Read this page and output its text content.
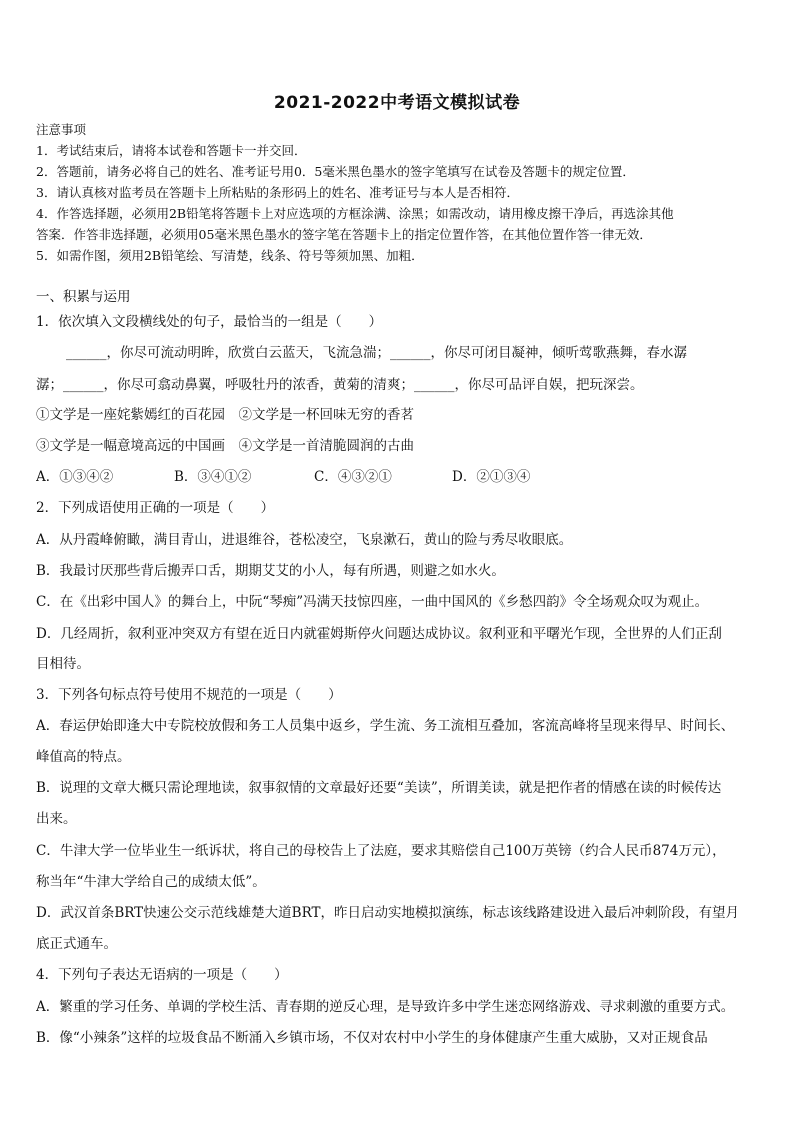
2021-2022中考语文模拟试卷
注意事项
1．考试结束后，请将本试卷和答题卡一并交回．
2．答题前，请务必将自己的姓名、准考证号用0．5毫米黑色墨水的签字笔填写在试卷及答题卡的规定位置．
3．请认真核对监考员在答题卡上所粘贴的条形码上的姓名、准考证号与本人是否相符．
4．作答选择题，必须用2B铅笔将答题卡上对应选项的方框涂满、涂黑；如需改动，请用橡皮擦干净后，再选涂其他
答案．作答非选择题，必须用05毫米黑色墨水的签字笔在答题卡上的指定位置作答，在其他位置作答一律无效．
5．如需作图，须用2B铅笔绘、写清楚，线条、符号等须加黑、加粗．
一、积累与运用
1．依次填入文段横线处的句子，最恰当的一组是（　　）
______，你尽可流动明眸，欣赏白云蓝天，飞流急湍；______，你尽可闭目凝神，倾听莺歌燕舞，春水潺
潺；______，你尽可翕动鼻翼，呼吸牡丹的浓香，黄菊的清爽；______，你尽可品评自娱，把玩深尝。
①文学是一座姹紫嫣红的百花园　②文学是一杯回味无穷的香茗
③文学是一幅意境高远的中国画　④文学是一首清脆圆润的古曲
A．①③④②	B．③④①②	C．④③②①	D．②①③④
2．下列成语使用正确的一项是（　　）
A．从丹霞峰俯瞰，满目青山，进退维谷，苍松凌空，飞泉漱石，黄山的险与秀尽收眼底。
B．我最讨厌那些背后搬弄口舌，期期艾艾的小人，每有所遇，则避之如水火。
C．在《出彩中国人》的舞台上，中阮“琴痴”冯满天技惊四座，一曲中国风的《乡愁四韵》令全场观众叹为观止。
D．几经周折，叙利亚冲突双方有望在近日内就霍姆斯停火问题达成协议。叙利亚和平曙光乍现，全世界的人们正刮
目相待。
3．下列各句标点符号使用不规范的一项是（　　）
A．春运伊始即逢大中专院校放假和务工人员集中返乡，学生流、务工流相互叠加，客流高峰将呈现来得早、时间长、
峰值高的特点。
B．说理的文章大概只需论理地读，叙事叙情的文章最好还要“美读”，所谓美读，就是把作者的情感在读的时候传达
出来。
C．牛津大学一位毕业生一纸诉状，将自己的母校告上了法庭，要求其赔偿自己100万英镑（约合人民币874万元），
称当年“牛津大学给自己的成绩太低”。
D．武汉首条BRT快速公交示范线雄楚大道BRT，昨日启动实地模拟演练，标志该线路建设进入最后冲刺阶段，有望月
底正式通车。
4．下列句子表达无语病的一项是（　　）
A．繁重的学习任务、单调的学校生活、青春期的逆反心理，是导致许多中学生迷恋网络游戏、寻求刺激的重要方式。
B．像“小辣条”这样的垃圾食品不断涌入乡镇市场，不仅对农村中小学生的身体健康产生重大威胁，又对正规食品
